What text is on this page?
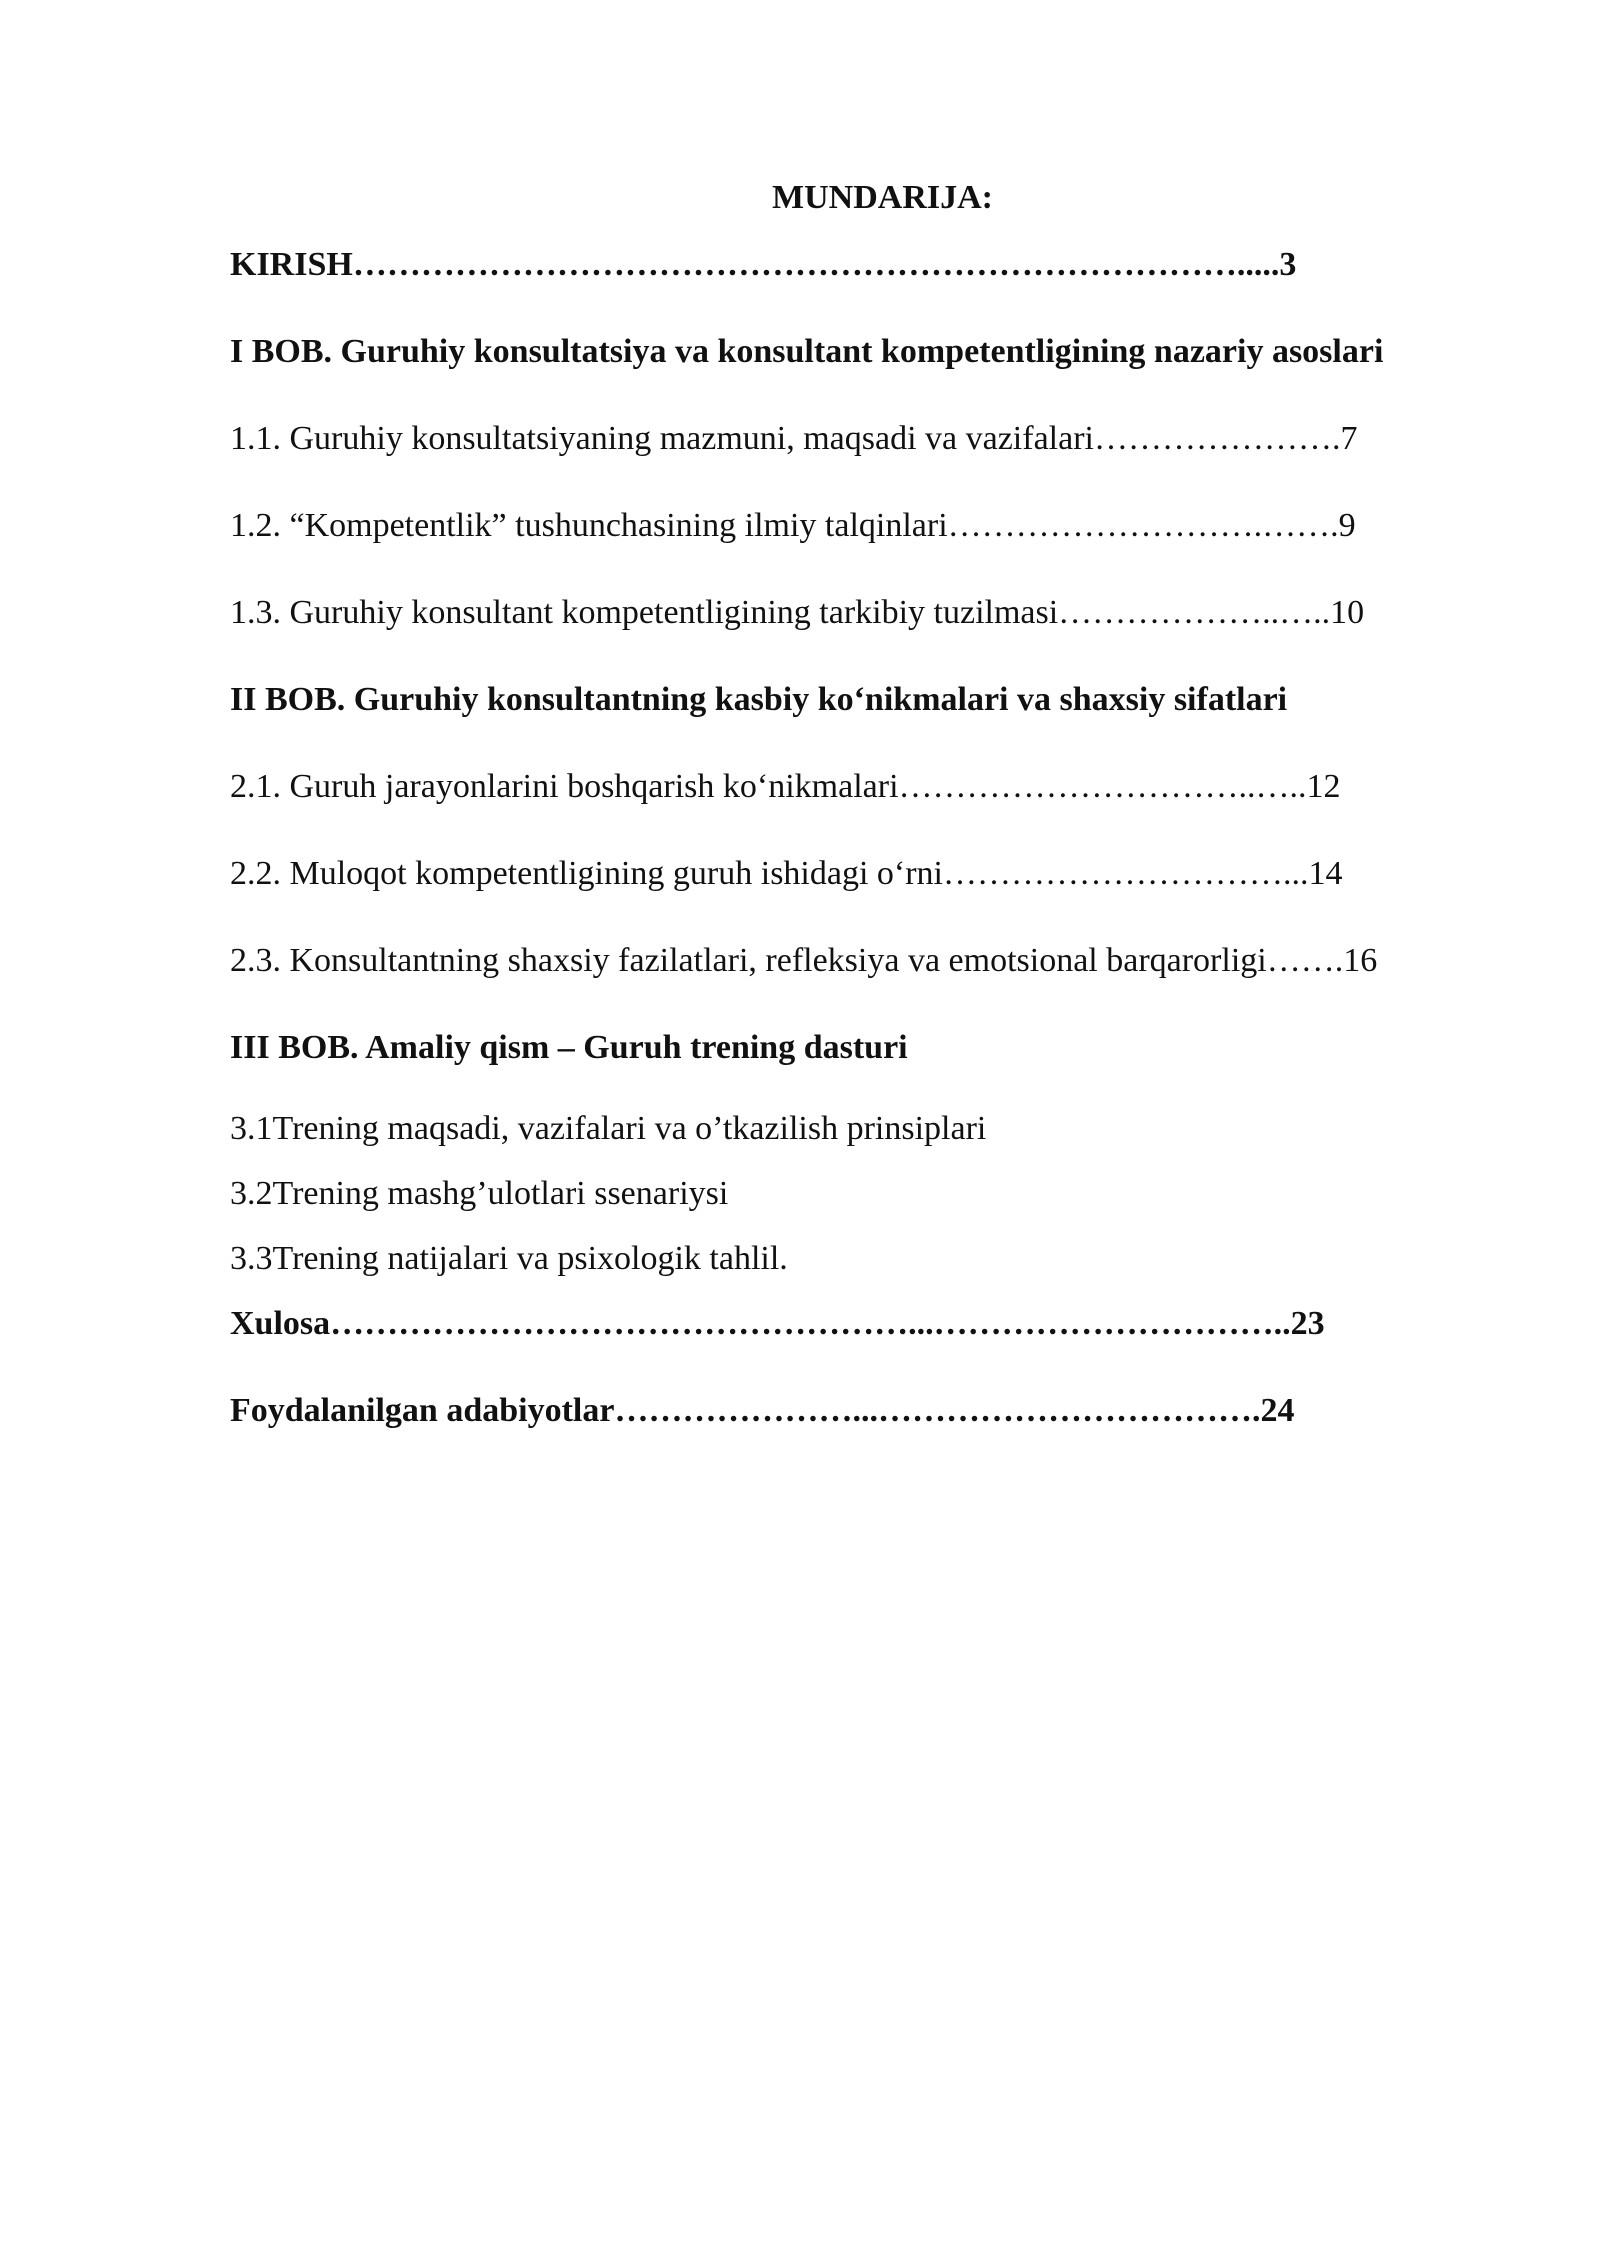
MUNDARIJA:
KIRISH…………………………………………………………………….....3
I BOB. Guruhiy konsultatsiya va konsultant kompetentligining nazariy asoslari
1.1. Guruhiy konsultatsiyaning mazmuni, maqsadi va vazifalari………………….7
1.2. “Kompetentlik” tushunchasining ilmiy talqinlari……………………….…….9
1.3. Guruhiy konsultant kompetentligining tarkibiy tuzilmasi………………..…..10
II BOB. Guruhiy konsultantning kasbiy ko‘nikmalari va shaxsiy sifatlari
2.1. Guruh jarayonlarini boshqarish ko‘nikmalari…………………………..…..12
2.2. Muloqot kompetentligining guruh ishidagi o‘rni…………………………...14
2.3. Konsultantning shaxsiy fazilatlari, refleksiya va emotsional barqarorligi…….16
III BOB. Amaliy qism – Guruh trening dasturi
3.1Trening maqsadi, vazifalari va o’tkazilish prinsiplari
3.2Trening mashg’ulotlari ssenariysi
3.3Trening natijalari va psixologik tahlil.
Xulosa……………………………………………...…………………………..23
Foydalanilgan adabiyotlar…………………...…………………………….24
